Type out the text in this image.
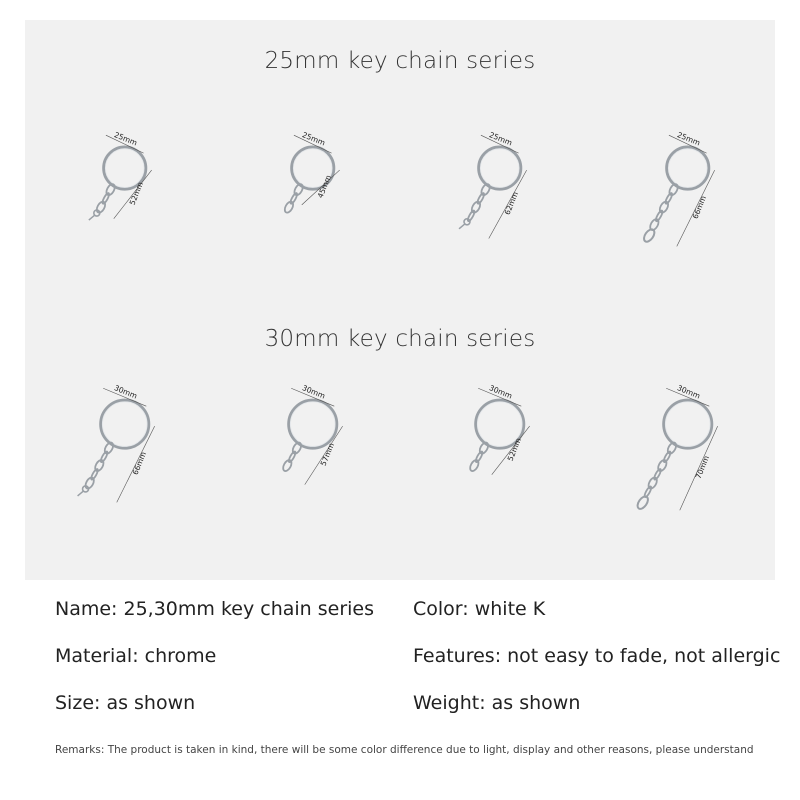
25mm key chain series
25mm
52mm
25mm
45mm
25mm
62mm
25mm
66mm
30mm key chain series
30mm
66mm
30mm
57mm
30mm
52mm
30mm
70mm
Name: 25,30mm key chain series Color: white K
Material: chrome	Features: not easy to fade, not allergic
Size: as shown	Weight: as shown
Remarks: The product is taken in kind, there will be some color difference due to light, display and other reasons, please understand
